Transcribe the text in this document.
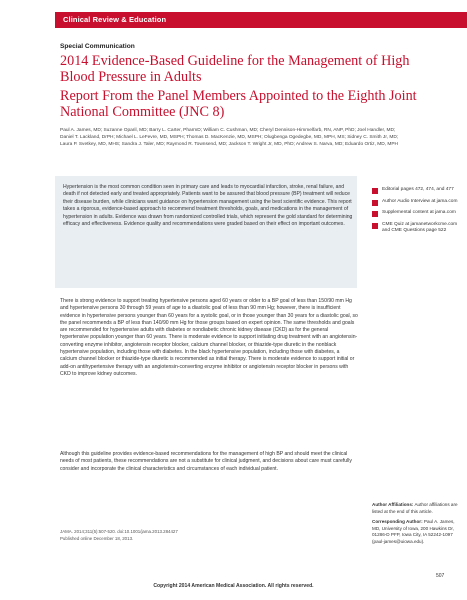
Clinical Review & Education
Special Communication
2014 Evidence-Based Guideline for the Management of High Blood Pressure in Adults
Report From the Panel Members Appointed to the Eighth Joint National Committee (JNC 8)
Paul A. James, MD; Suzanne Oparil, MD; Barry L. Carter, PharmD; William C. Cushman, MD; Cheryl Dennison-Himmelfarb, RN, ANP, PhD; Joel Handler, MD; Daniel T. Lackland, DrPH; Michael L. LeFevre, MD, MSPH; Thomas D. MacKenzie, MD, MSPH; Olugbenga Ogedegbe, MD, MPH, MS; Sidney C. Smith Jr, MD; Laura P. Svetkey, MD, MHS; Sandra J. Taler, MD; Raymond R. Townsend, MD; Jackson T. Wright Jr, MD, PhD; Andrew S. Narva, MD; Eduardo Ortiz, MD, MPH
Hypertension is the most common condition seen in primary care and leads to myocardial infarction, stroke, renal failure, and death if not detected early and treated appropriately. Patients want to be assured that blood pressure (BP) treatment will reduce their disease burden, while clinicians want guidance on hypertension management using the best scientific evidence. This report takes a rigorous, evidence-based approach to recommend treatment thresholds, goals, and medications in the management of hypertension in adults. Evidence was drawn from randomized controlled trials, which represent the gold standard for determining efficacy and effectiveness. Evidence quality and recommendations were graded based on their effect on important outcomes.
There is strong evidence to support treating hypertensive persons aged 60 years or older to a BP goal of less than 150/90 mm Hg and hypertensive persons 30 through 59 years of age to a diastolic goal of less than 90 mm Hg; however, there is insufficient evidence in hypertensive persons younger than 60 years for a systolic goal, or in those younger than 30 years for a diastolic goal, so the panel recommends a BP of less than 140/90 mm Hg for those groups based on expert opinion. The same thresholds and goals are recommended for hypertensive adults with diabetes or nondiabetic chronic kidney disease (CKD) as for the general hypertensive population younger than 60 years. There is moderate evidence to support initiating drug treatment with an angiotensin-converting enzyme inhibitor, angiotensin receptor blocker, calcium channel blocker, or thiazide-type diuretic in the nonblack hypertensive population, including those with diabetes. In the black hypertensive population, including those with diabetes, a calcium channel blocker or thiazide-type diuretic is recommended as initial therapy. There is moderate evidence to support initial or add-on antihypertensive therapy with an angiotensin-converting enzyme inhibitor or angiotensin receptor blocker in persons with CKD to improve kidney outcomes.
Although this guideline provides evidence-based recommendations for the management of high BP and should meet the clinical needs of most patients, these recommendations are not a substitute for clinical judgment, and decisions about care must carefully consider and incorporate the clinical characteristics and circumstances of each individual patient.
Editorial pages 472, 474, and 477
Author Audio Interview at jama.com
Supplemental content at jama.com
CME Quiz at jamanetworkcme.com and CME Questions page 522
Author Affiliations: Author affiliations are listed at the end of this article.
Corresponding Author: Paul A. James, MD, University of Iowa, 200 Hawkins Dr, 01286-D PFP, Iowa City, IA 52242-1097 (paul-james@uiowa.edu).
JAMA. 2014;311(5):507-520. doi:10.1001/jama.2013.284427
Published online December 18, 2013.
507
Copyright 2014 American Medical Association. All rights reserved.
